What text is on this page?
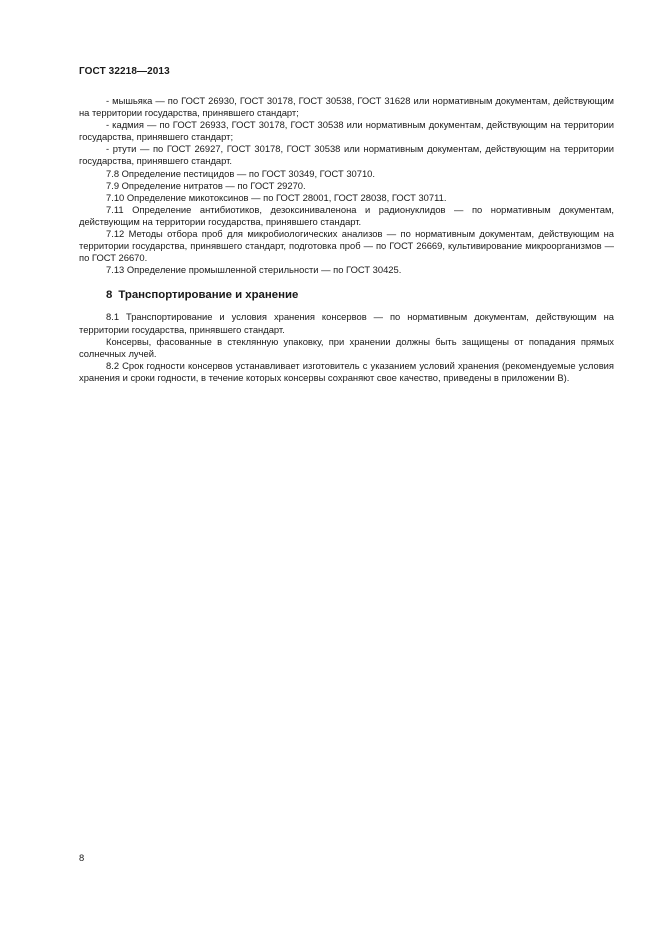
ГОСТ 32218—2013

- мышьяка — по ГОСТ 26930, ГОСТ 30178, ГОСТ 30538, ГОСТ 31628 или нормативным документам, действующим на территории государства, принявшего стандарт;

- кадмия — по ГОСТ 26933, ГОСТ 30178, ГОСТ 30538 или нормативным документам, действующим на территории государства, принявшего стандарт;

- ртути — по ГОСТ 26927, ГОСТ 30178, ГОСТ 30538 или нормативным документам, действующим на территории государства, принявшего стандарт.

7.8 Определение пестицидов — по ГОСТ 30349, ГОСТ 30710.

7.9 Определение нитратов — по ГОСТ 29270.

7.10 Определение микотоксинов — по ГОСТ 28001, ГОСТ 28038, ГОСТ 30711.

7.11 Определение антибиотиков, дезоксиниваленона и радионуклидов — по нормативным документам, действующим на территории государства, принявшего стандарт.

7.12 Методы отбора проб для микробиологических анализов — по нормативным документам, действующим на территории государства, принявшего стандарт, подготовка проб — по ГОСТ 26669, культивирование микроорганизмов — по ГОСТ 26670.

7.13 Определение промышленной стерильности — по ГОСТ 30425.

8 Транспортирование и хранение

8.1 Транспортирование и условия хранения консервов — по нормативным документам, действующим на территории государства, принявшего стандарт.

Консервы, фасованные в стеклянную упаковку, при хранении должны быть защищены от попадания прямых солнечных лучей.

8.2 Срок годности консервов устанавливает изготовитель с указанием условий хранения (рекомендуемые условия хранения и сроки годности, в течение которых консервы сохраняют свое качество, приведены в приложении В).

8
